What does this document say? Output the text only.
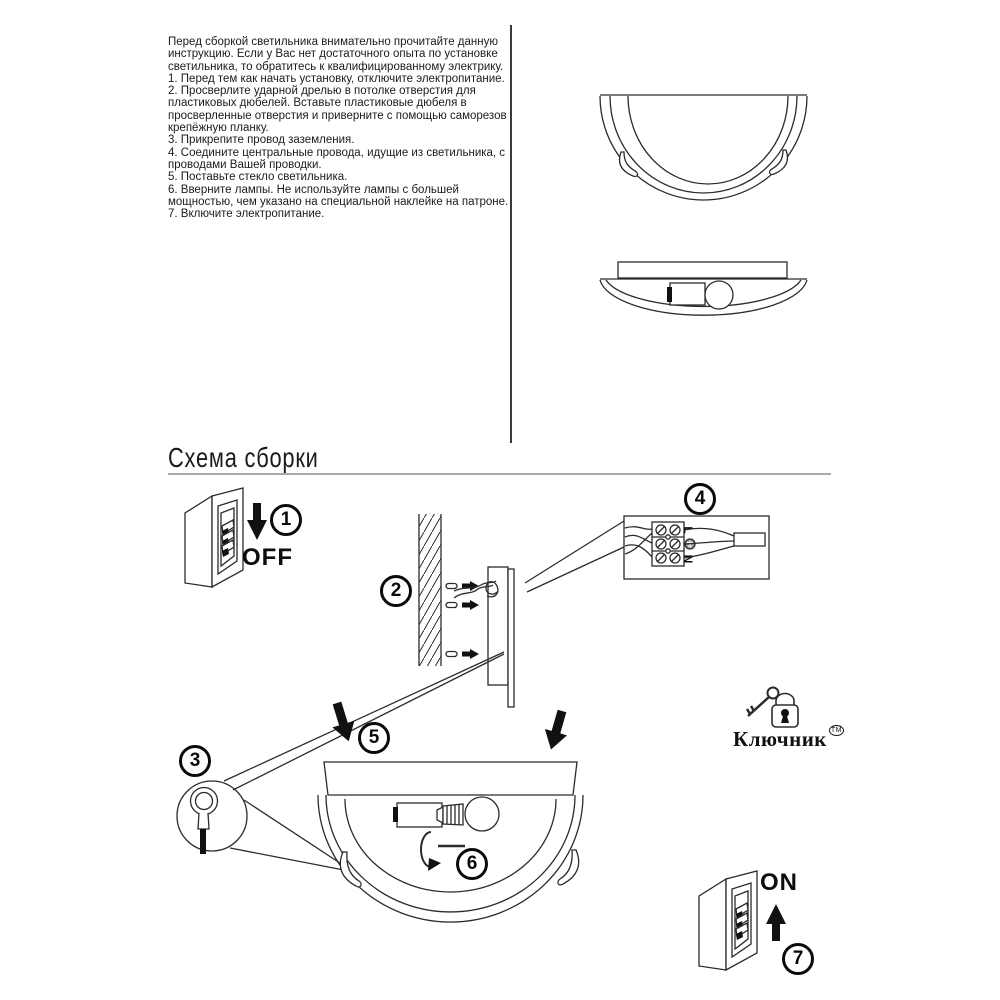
Перед сборкой светильника внимательно прочитайте данную инструкцию. Если у Вас нет достаточного опыта по установке светильника, то обратитесь к квалифицированному электрику.

1. Перед тем как начать установку, отключите электропитание.

2. Просверлите ударной дрелью в потолке отверстия для пластиковых дюбелей. Вставьте пластиковые дюбеля в просверленные отверстия и приверните с помощью саморезов крепёжную планку.

3. Прикрепите провод заземления.

4. Соедините центральные провода, идущие из светильника, с проводами Вашей проводки.

5. Поставьте стекло светильника.

6. Вверните лампы. Не используйте лампы с большей мощностью, чем указано на специальной наклейке на патроне.

7. Включите электропитание.

Схема сборки
1
2
3
4
5
6
7
OFF
ON
L
N
Ключник ™
